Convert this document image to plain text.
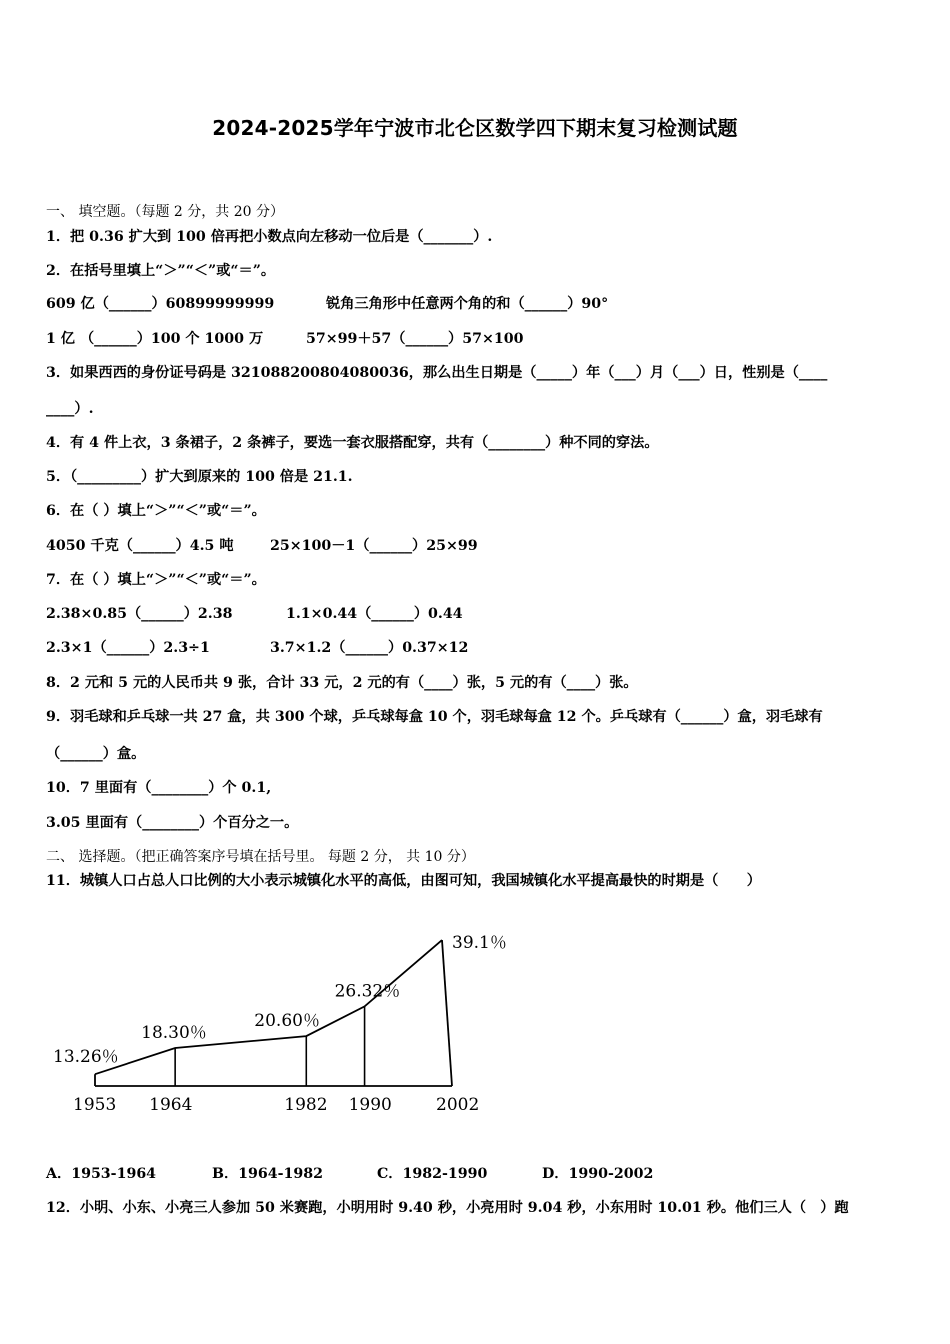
2024-2025学年宁波市北仑区数学四下期末复习检测试题
一、 填空题。（每题 2 分，共 20 分）
1．把 0.36 扩大到 100 倍再把小数点向左移动一位后是（_______）.
2．在括号里填上“＞”“＜”或“＝”。
609 亿（______）60899999999	锐角三角形中任意两个角的和（______）90°
1 亿 （______）100 个 1000 万	57×99＋57（______）57×100
3．如果西西的身份证号码是 321088200804080036，那么出生日期是（_____）年（___）月（___）日，性别是（____
____）.
4．有 4 件上衣，3 条裙子，2 条裤子，要选一套衣服搭配穿，共有（________）种不同的穿法。
5．（_________）扩大到原来的 100 倍是 21.1.
6．在（ ）填上“＞”“＜”或“＝”。
4050 千克（______）4.5 吨	25×100－1（______）25×99
7．在（ ）填上“＞”“＜”或“＝”。
2.38×0.85（______）2.38	1.1×0.44（______）0.44
2.3×1（______）2.3÷1	3.7×1.2（______）0.37×12
8．2 元和 5 元的人民币共 9 张，合计 33 元，2 元的有（____）张，5 元的有（____）张。
9．羽毛球和乒乓球一共 27 盒，共 300 个球，乒乓球每盒 10 个，羽毛球每盒 12 个。乒乓球有（______）盒，羽毛球有
（______）盒。
10．7 里面有（________）个 0.1,
3.05 里面有（________）个百分之一。
二、 选择题。（把正确答案序号填在括号里。 每题 2 分， 共 10 分）
11．城镇人口占总人口比例的大小表示城镇化水平的高低，由图可知，我国城镇化水平提高最快的时期是（　　）
13.26％
18.30％
20.60％
26.32％
39.1％
1953 1964	1982 1990	2002
A．1953-1964	B．1964-1982	C．1982-1990	D．1990-2002
12．小明、小东、小亮三人参加 50 米赛跑，小明用时 9.40 秒，小亮用时 9.04 秒，小东用时 10.01 秒。他们三人（　）跑
